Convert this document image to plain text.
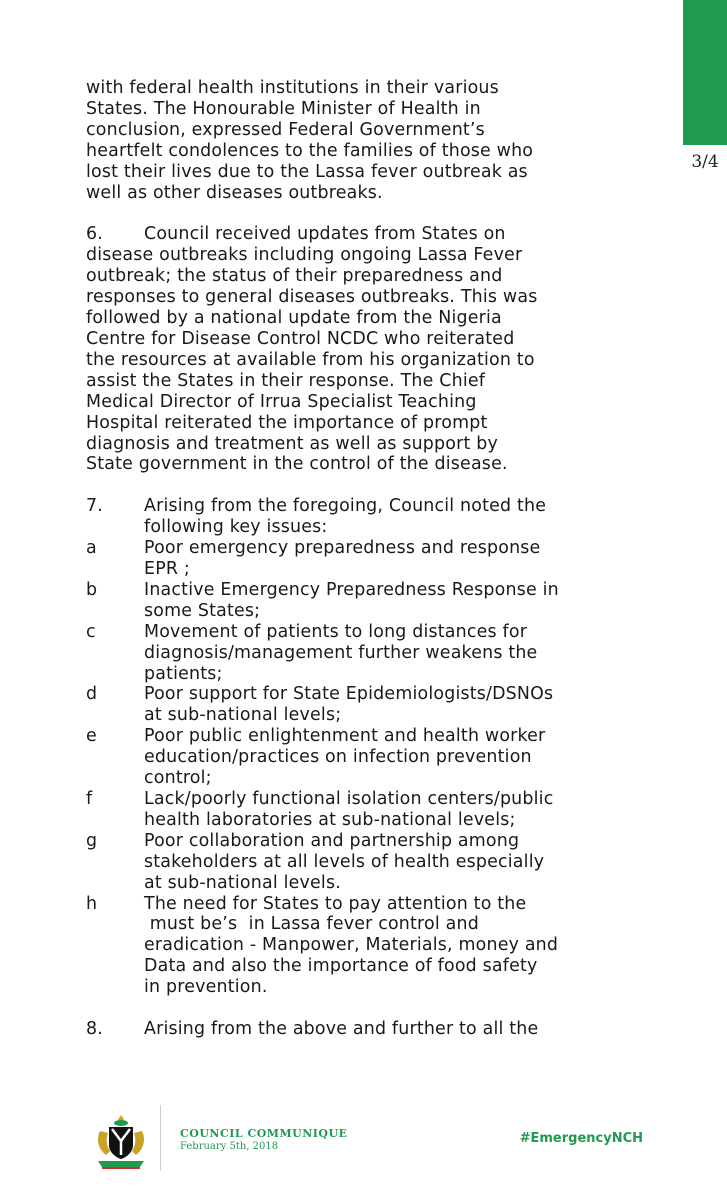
3/4
with federal health institutions in their various
States. The Honourable Minister of Health in
conclusion, expressed Federal Government’s
heartfelt condolences to the families of those who
lost their lives due to the Lassa fever outbreak as
well as other diseases outbreaks.
6.	Council received updates from States on
disease outbreaks including ongoing Lassa Fever
outbreak; the status of their preparedness and
responses to general diseases outbreaks. This was
followed by a national update from the Nigeria
Centre for Disease Control NCDC who reiterated
the resources at available from his organization to
assist the States in their response. The Chief
Medical Director of Irrua Specialist Teaching
Hospital reiterated the importance of prompt
diagnosis and treatment as well as support by
State government in the control of the disease.
7.	Arising from the foregoing, Council noted the
following key issues:
a	Poor emergency preparedness and response
EPR ;
b	Inactive Emergency Preparedness Response in
some States;
c	Movement of patients to long distances for
diagnosis/management further weakens the
patients;
d	Poor support for State Epidemiologists/DSNOs
at sub-national levels;
e	Poor public enlightenment and health worker
education/practices on infection prevention
control;
f	Lack/poorly functional isolation centers/public
health laboratories at sub-national levels;
g	Poor collaboration and partnership among
stakeholders at all levels of health especially
at sub-national levels.
h	The need for States to pay attention to the
must be’s  in Lassa fever control and
eradication - Manpower, Materials, money and
Data and also the importance of food safety
in prevention.
8.	Arising from the above and further to all the
COUNCIL COMMUNIQUE
February 5th, 2018
#EmergencyNCH
